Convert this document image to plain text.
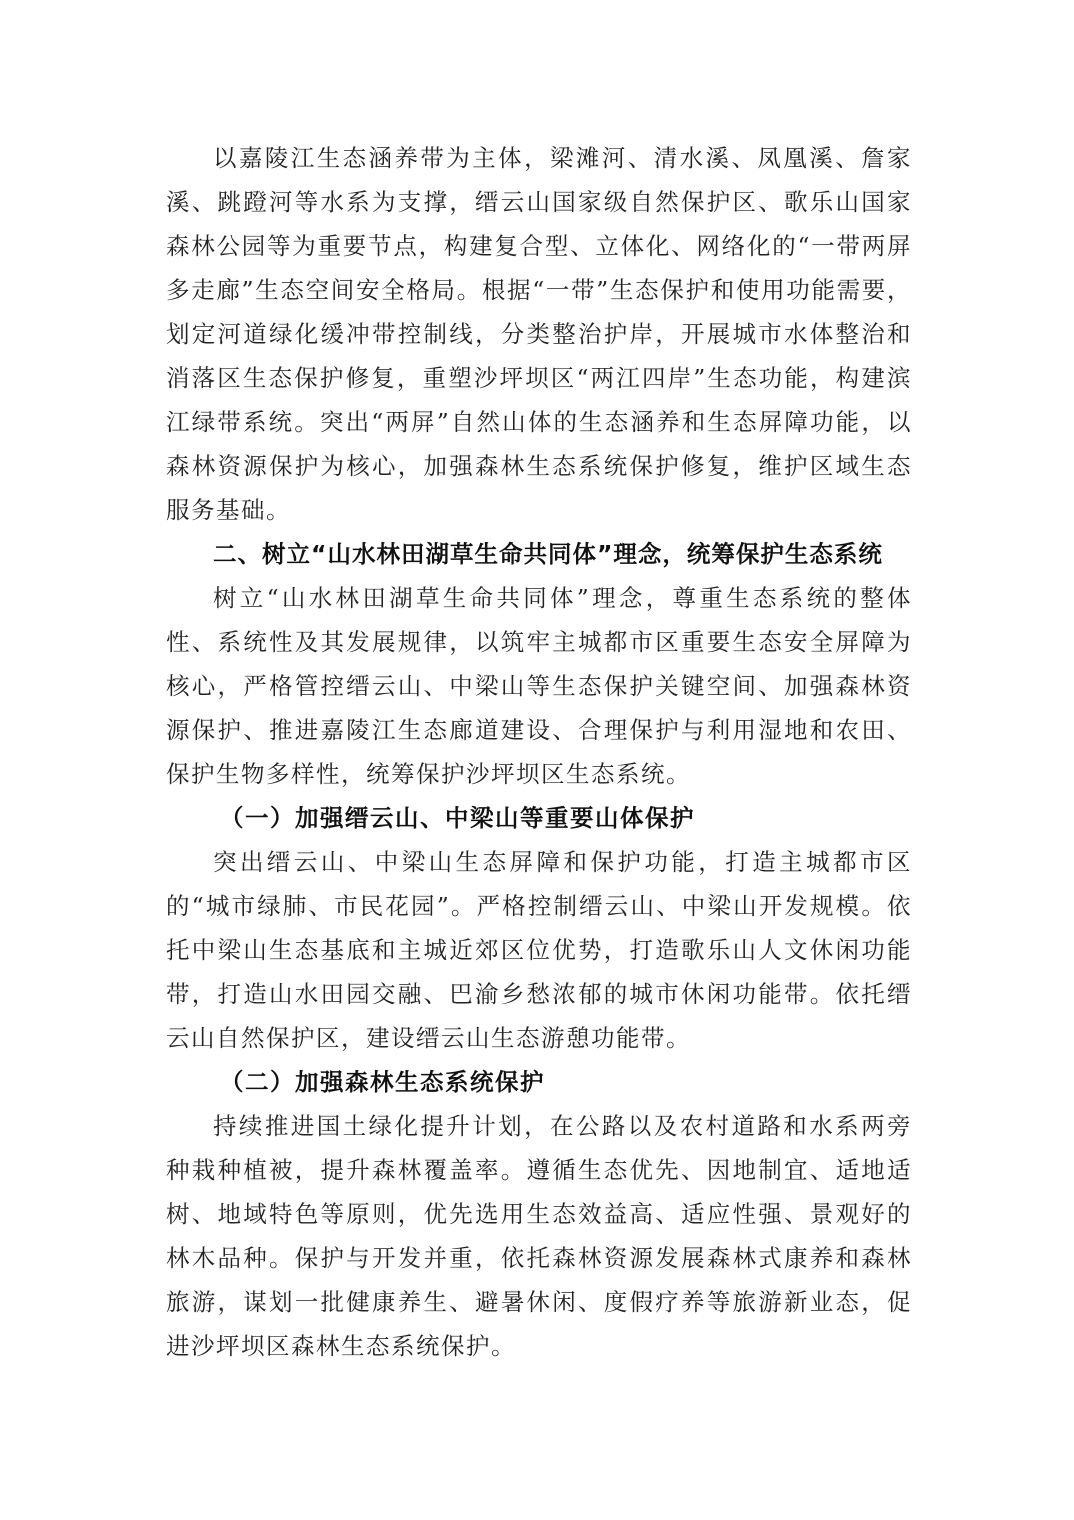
以嘉陵江生态涵养带为主体，梁滩河、清水溪、凤凰溪、詹家溪、跳蹬河等水系为支撑，缙云山国家级自然保护区、歌乐山国家森林公园等为重要节点，构建复合型、立体化、网络化的“一带两屏多走廊”生态空间安全格局。根据“一带”生态保护和使用功能需要，划定河道绿化缓冲带控制线，分类整治护岸，开展城市水体整治和消落区生态保护修复，重塑沙坪坝区“两江四岸”生态功能，构建滨江绿带系统。突出“两屏”自然山体的生态涵养和生态屏障功能，以森林资源保护为核心，加强森林生态系统保护修复，维护区域生态服务基础。

二、树立“山水林田湖草生命共同体”理念，统筹保护生态系统

树立“山水林田湖草生命共同体”理念，尊重生态系统的整体性、系统性及其发展规律，以筑牢主城都市区重要生态安全屏障为核心，严格管控缙云山、中梁山等生态保护关键空间、加强森林资源保护、推进嘉陵江生态廊道建设、合理保护与利用湿地和农田、保护生物多样性，统筹保护沙坪坝区生态系统。

（一）加强缙云山、中梁山等重要山体保护

突出缙云山、中梁山生态屏障和保护功能，打造主城都市区的“城市绿肺、市民花园”。严格控制缙云山、中梁山开发规模。依托中梁山生态基底和主城近郊区位优势，打造歌乐山人文休闲功能带，打造山水田园交融、巴渝乡愁浓郁的城市休闲功能带。依托缙云山自然保护区，建设缙云山生态游憩功能带。

（二）加强森林生态系统保护

持续推进国土绿化提升计划，在公路以及农村道路和水系两旁种栽种植被，提升森林覆盖率。遵循生态优先、因地制宜、适地适树、地域特色等原则，优先选用生态效益高、适应性强、景观好的林木品种。保护与开发并重，依托森林资源发展森林式康养和森林旅游，谋划一批健康养生、避暑休闲、度假疗养等旅游新业态，促进沙坪坝区森林生态系统保护。
